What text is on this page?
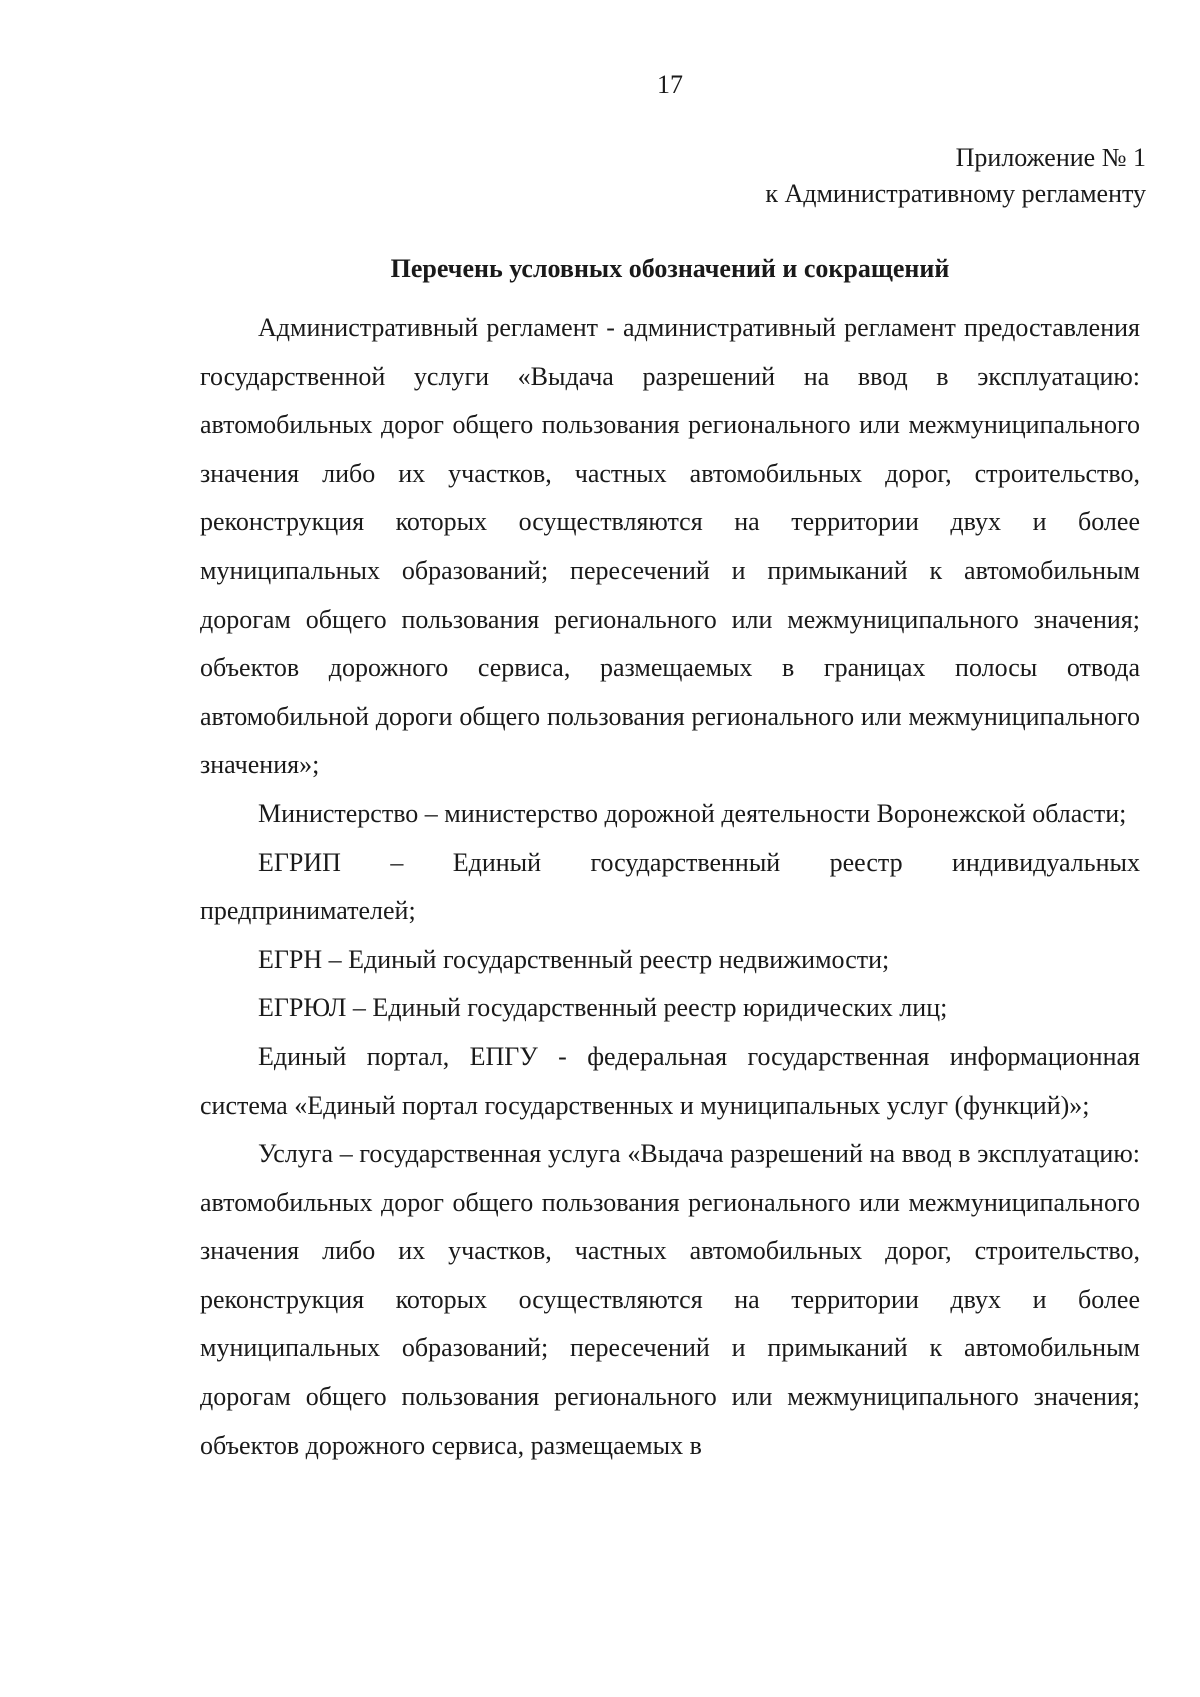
17
Приложение № 1
к Административному регламенту
Перечень условных обозначений и сокращений

Административный регламент - административный регламент предоставления государственной услуги «Выдача разрешений на ввод в эксплуатацию: автомобильных дорог общего пользования регионального или межмуниципального значения либо их участков, частных автомобильных дорог, строительство, реконструкция которых осуществляются на территории двух и более муниципальных образований; пересечений и примыканий к автомобильным дорогам общего пользования регионального или межмуниципального значения; объектов дорожного сервиса, размещаемых в границах полосы отвода автомобильной дороги общего пользования регионального или межмуниципального значения»;

Министерство – министерство дорожной деятельности Воронежской области;

ЕГРИП – Единый государственный реестр индивидуальных предпринимателей;

ЕГРН – Единый государственный реестр недвижимости;

ЕГРЮЛ – Единый государственный реестр юридических лиц;

Единый портал, ЕПГУ - федеральная государственная информационная система «Единый портал государственных и муниципальных услуг (функций)»;

Услуга – государственная услуга «Выдача разрешений на ввод в эксплуатацию: автомобильных дорог общего пользования регионального или межмуниципального значения либо их участков, частных автомобильных дорог, строительство, реконструкция которых осуществляются на территории двух и более муниципальных образований; пересечений и примыканий к автомобильным дорогам общего пользования регионального или межмуниципального значения; объектов дорожного сервиса, размещаемых в
